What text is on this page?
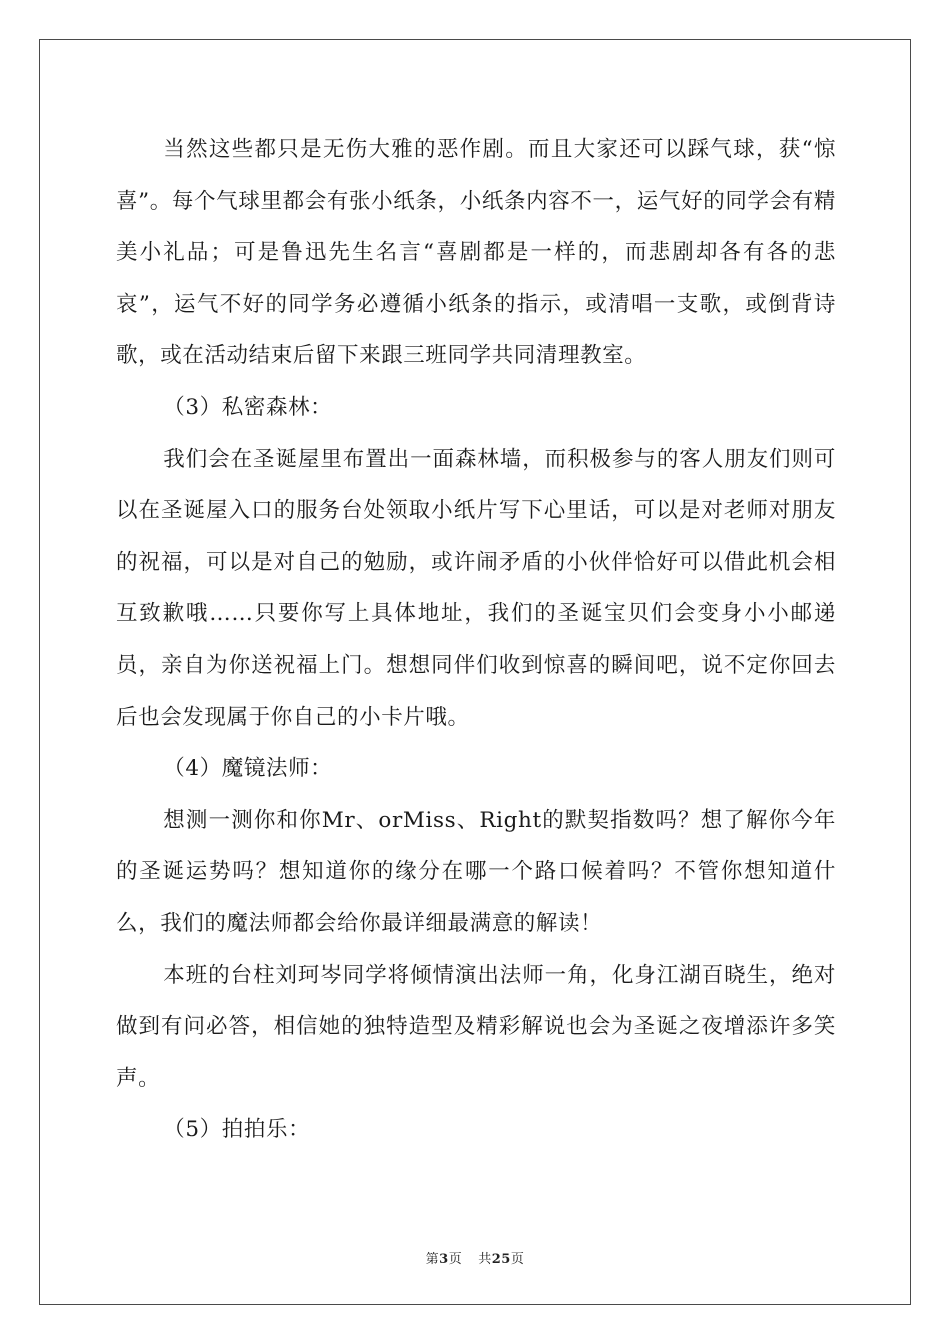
当然这些都只是无伤大雅的恶作剧。而且大家还可以踩气球，获“惊喜”。每个气球里都会有张小纸条，小纸条内容不一，运气好的同学会有精美小礼品；可是鲁迅先生名言“喜剧都是一样的，而悲剧却各有各的悲哀”，运气不好的同学务必遵循小纸条的指示，或清唱一支歌，或倒背诗歌，或在活动结束后留下来跟三班同学共同清理教室。

（3）私密森林：

我们会在圣诞屋里布置出一面森林墙，而积极参与的客人朋友们则可以在圣诞屋入口的服务台处领取小纸片写下心里话，可以是对老师对朋友的祝福，可以是对自己的勉励，或许闹矛盾的小伙伴恰好可以借此机会相互致歉哦……只要你写上具体地址，我们的圣诞宝贝们会变身小小邮递员，亲自为你送祝福上门。想想同伴们收到惊喜的瞬间吧，说不定你回去后也会发现属于你自己的小卡片哦。

（4）魔镜法师：

想测一测你和你Mr、orMiss、Right的默契指数吗？想了解你今年的圣诞运势吗？想知道你的缘分在哪一个路口候着吗？不管你想知道什么，我们的魔法师都会给你最详细最满意的解读！

本班的台柱刘珂岑同学将倾情演出法师一角，化身江湖百晓生，绝对做到有问必答，相信她的独特造型及精彩解说也会为圣诞之夜增添许多笑声。

（5）拍拍乐：

第3页 共25页
